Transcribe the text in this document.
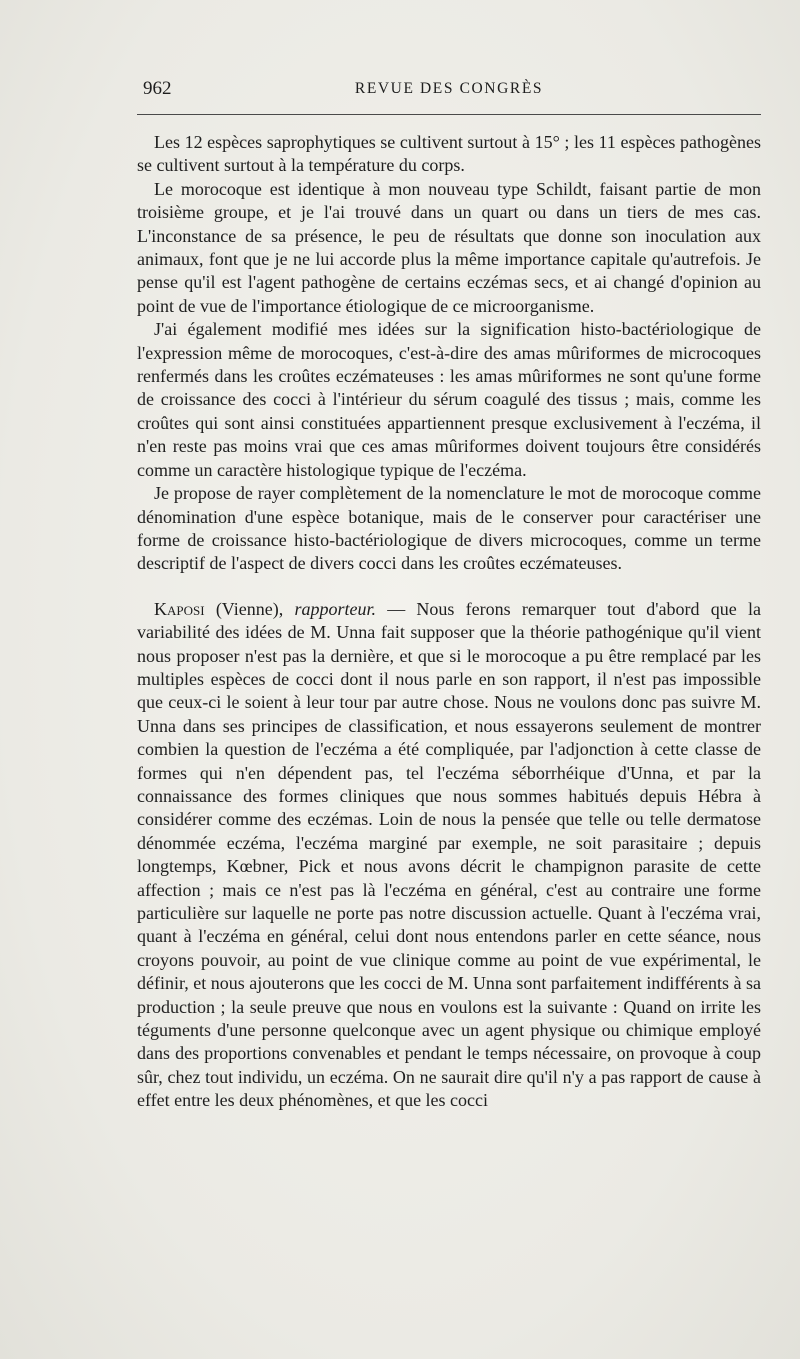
962	REVUE DES CONGRÈS

Les 12 espèces saprophytiques se cultivent surtout à 15° ; les 11 espèces pathogènes se cultivent surtout à la température du corps.

Le morocoque est identique à mon nouveau type Schildt, faisant partie de mon troisième groupe, et je l'ai trouvé dans un quart ou dans un tiers de mes cas. L'inconstance de sa présence, le peu de résultats que donne son inoculation aux animaux, font que je ne lui accorde plus la même importance capitale qu'autrefois. Je pense qu'il est l'agent pathogène de certains eczémas secs, et ai changé d'opinion au point de vue de l'importance étiologique de ce microorganisme.

J'ai également modifié mes idées sur la signification histo-bactériologique de l'expression même de morocoques, c'est-à-dire des amas mûriformes de microcoques renfermés dans les croûtes eczémateuses : les amas mûriformes ne sont qu'une forme de croissance des cocci à l'intérieur du sérum coagulé des tissus ; mais, comme les croûtes qui sont ainsi constituées appartiennent presque exclusivement à l'eczéma, il n'en reste pas moins vrai que ces amas mûriformes doivent toujours être considérés comme un caractère histologique typique de l'eczéma.

Je propose de rayer complètement de la nomenclature le mot de morocoque comme dénomination d'une espèce botanique, mais de le conserver pour caractériser une forme de croissance histo-bactériologique de divers microcoques, comme un terme descriptif de l'aspect de divers cocci dans les croûtes eczémateuses.

Kaposi (Vienne), rapporteur. — Nous ferons remarquer tout d'abord que la variabilité des idées de M. Unna fait supposer que la théorie pathogénique qu'il vient nous proposer n'est pas la dernière, et que si le morocoque a pu être remplacé par les multiples espèces de cocci dont il nous parle en son rapport, il n'est pas impossible que ceux-ci le soient à leur tour par autre chose. Nous ne voulons donc pas suivre M. Unna dans ses principes de classification, et nous essayerons seulement de montrer combien la question de l'eczéma a été compliquée, par l'adjonction à cette classe de formes qui n'en dépendent pas, tel l'eczéma séborrhéique d'Unna, et par la connaissance des formes cliniques que nous sommes habitués depuis Hébra à considérer comme des eczémas. Loin de nous la pensée que telle ou telle dermatose dénommée eczéma, l'eczéma marginé par exemple, ne soit parasitaire ; depuis longtemps, Kœbner, Pick et nous avons décrit le champignon parasite de cette affection ; mais ce n'est pas là l'eczéma en général, c'est au contraire une forme particulière sur laquelle ne porte pas notre discussion actuelle. Quant à l'eczéma vrai, quant à l'eczéma en général, celui dont nous entendons parler en cette séance, nous croyons pouvoir, au point de vue clinique comme au point de vue expérimental, le définir, et nous ajouterons que les cocci de M. Unna sont parfaitement indifférents à sa production ; la seule preuve que nous en voulons est la suivante : Quand on irrite les téguments d'une personne quelconque avec un agent physique ou chimique employé dans des proportions convenables et pendant le temps nécessaire, on provoque à coup sûr, chez tout individu, un eczéma. On ne saurait dire qu'il n'y a pas rapport de cause à effet entre les deux phénomènes, et que les cocci
